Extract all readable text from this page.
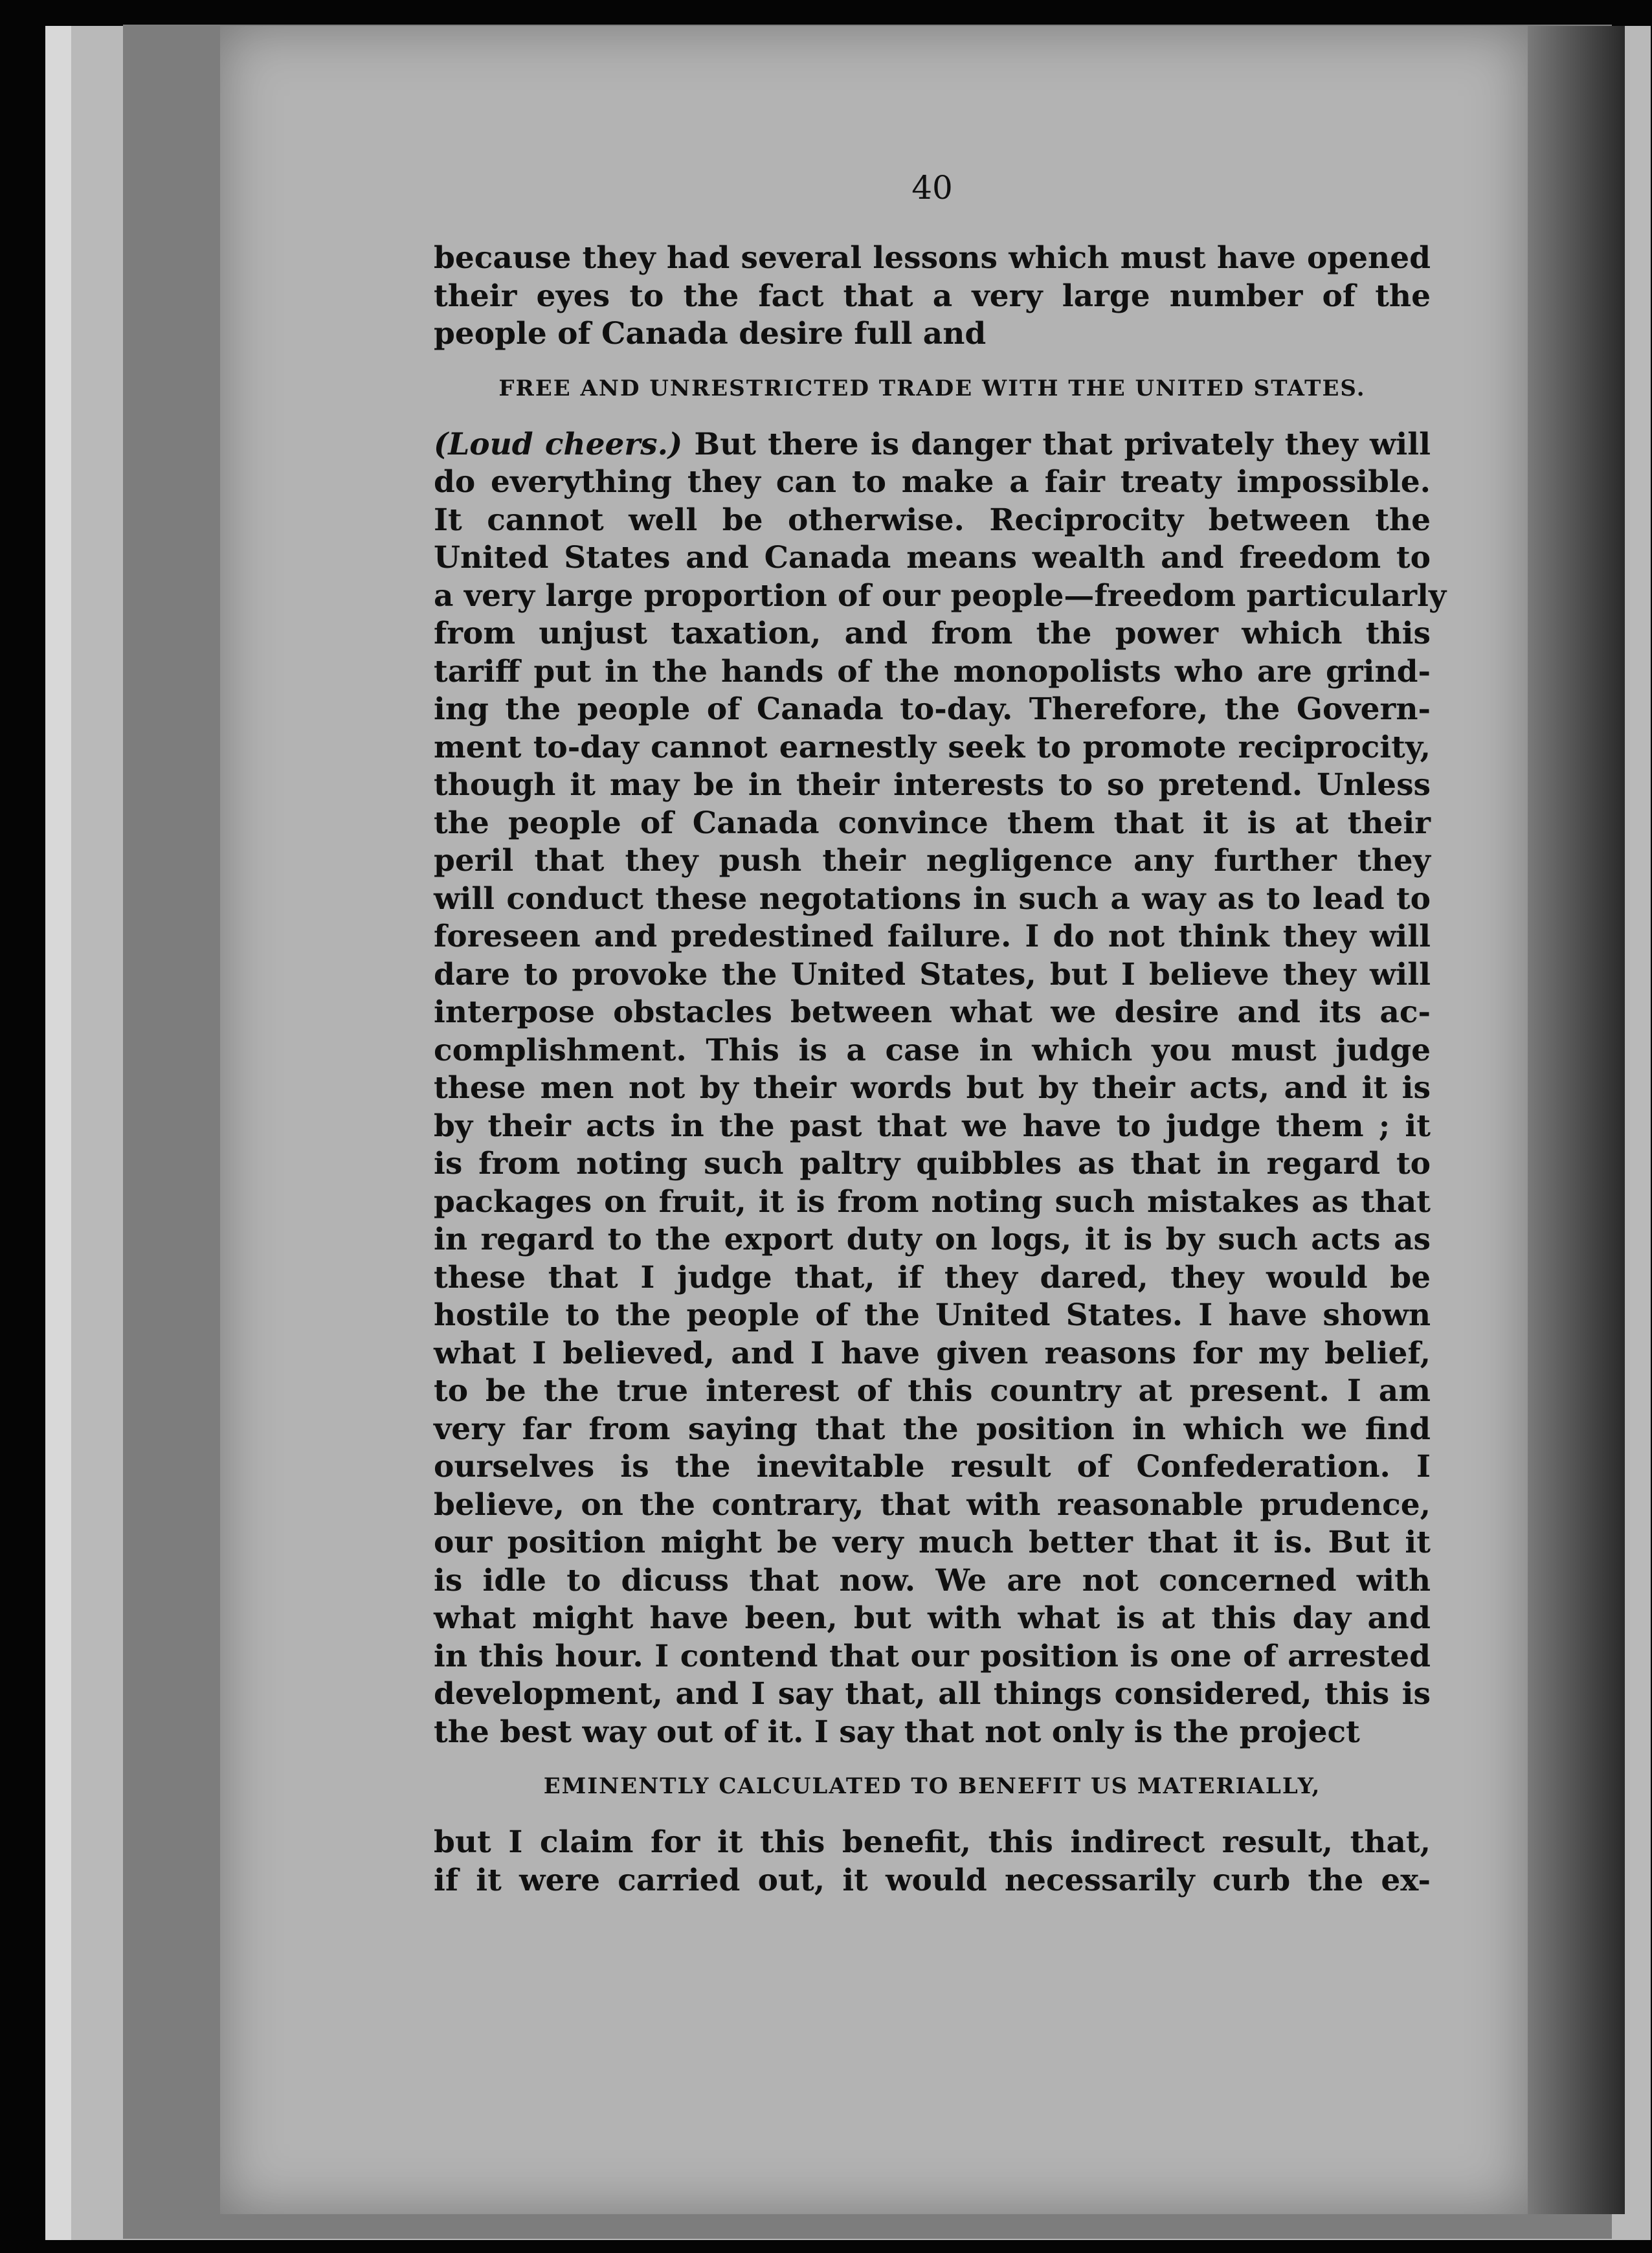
40
because they had several lessons which must have opened
their eyes to the fact that a very large number of the
people of Canada desire full and
FREE AND UNRESTRICTED TRADE WITH THE UNITED STATES.
(Loud cheers.) But there is danger that privately they will
do everything they can to make a fair treaty impossible.
It cannot well be otherwise. Reciprocity between the
United States and Canada means wealth and freedom to
a very large proportion of our people—freedom particularly
from unjust taxation, and from the power which this
tariff put in the hands of the monopolists who are grind-
ing the people of Canada to-day. Therefore, the Govern-
ment to-day cannot earnestly seek to promote reciprocity,
though it may be in their interests to so pretend. Unless
the people of Canada convince them that it is at their
peril that they push their negligence any further they
will conduct these negotations in such a way as to lead to
foreseen and predestined failure. I do not think they will
dare to provoke the United States, but I believe they will
interpose obstacles between what we desire and its ac-
complishment. This is a case in which you must judge
these men not by their words but by their acts, and it is
by their acts in the past that we have to judge them ; it
is from noting such paltry quibbles as that in regard to
packages on fruit, it is from noting such mistakes as that
in regard to the export duty on logs, it is by such acts as
these that I judge that, if they dared, they would be
hostile to the people of the United States. I have shown
what I believed, and I have given reasons for my belief,
to be the true interest of this country at present. I am
very far from saying that the position in which we find
ourselves is the inevitable result of Confederation. I
believe, on the contrary, that with reasonable prudence,
our position might be very much better that it is. But it
is idle to dicuss that now. We are not concerned with
what might have been, but with what is at this day and
in this hour. I contend that our position is one of arrested
development, and I say that, all things considered, this is
the best way out of it. I say that not only is the project
EMINENTLY CALCULATED TO BENEFIT US MATERIALLY,
but I claim for it this benefit, this indirect result, that,
if it were carried out, it would necessarily curb the ex-
